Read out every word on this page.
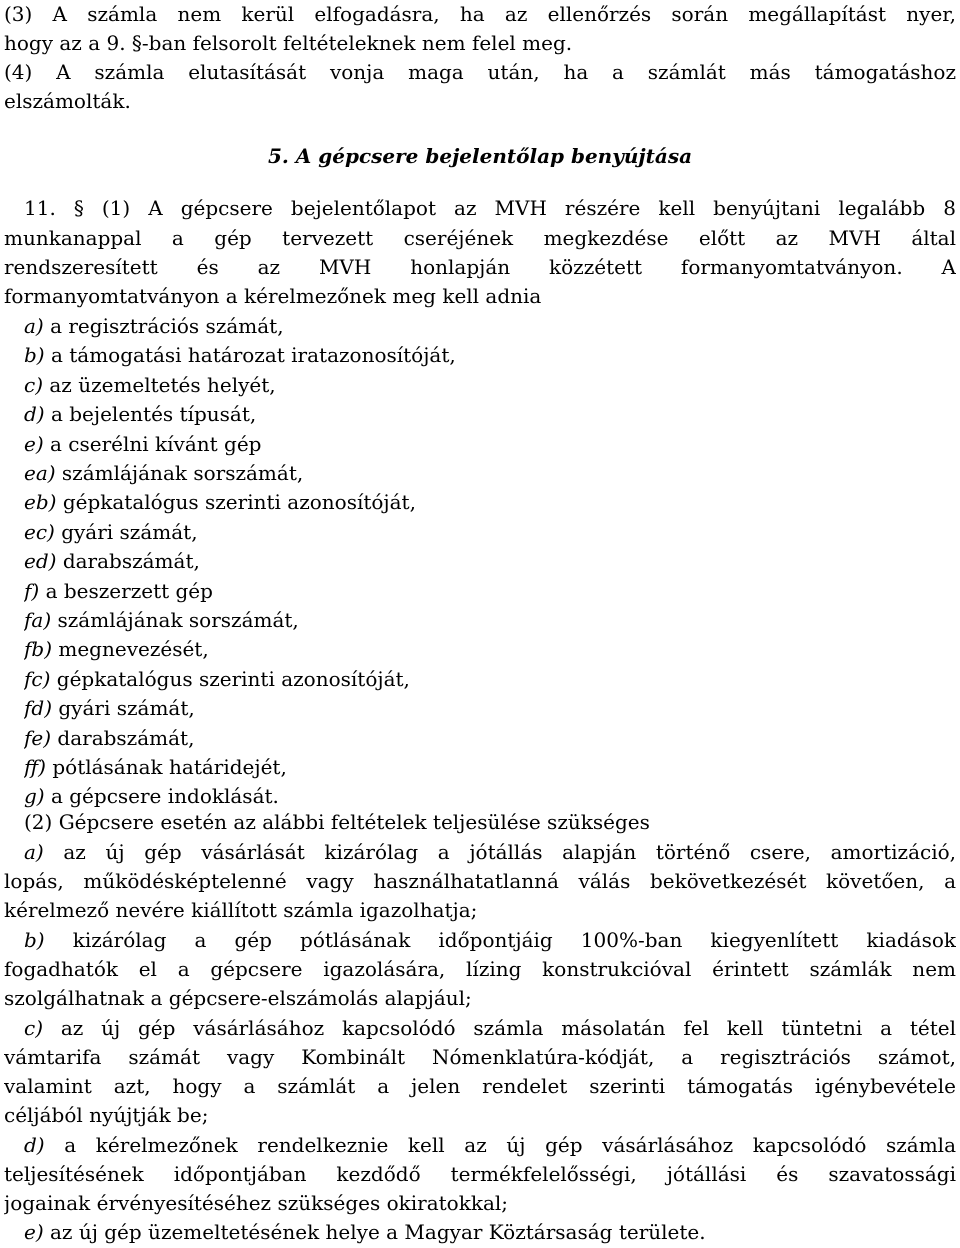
(3) A számla nem kerül elfogadásra, ha az ellenőrzés során megállapítást nyer,
hogy az a 9. §-ban felsorolt feltételeknek nem felel meg.
(4) A számla elutasítását vonja maga után, ha a számlát más támogatáshoz
elszámolták.
5. A gépcsere bejelentőlap benyújtása
11. § (1) A gépcsere bejelentőlapot az MVH részére kell benyújtani legalább 8
munkanappal a gép tervezett cseréjének megkezdése előtt az MVH által
rendszeresített és az MVH honlapján közzétett formanyomtatványon. A
formanyomtatványon a kérelmezőnek meg kell adnia
a) a regisztrációs számát,
b) a támogatási határozat iratazonosítóját,
c) az üzemeltetés helyét,
d) a bejelentés típusát,
e) a cserélni kívánt gép
ea) számlájának sorszámát,
eb) gépkatalógus szerinti azonosítóját,
ec) gyári számát,
ed) darabszámát,
f) a beszerzett gép
fa) számlájának sorszámát,
fb) megnevezését,
fc) gépkatalógus szerinti azonosítóját,
fd) gyári számát,
fe) darabszámát,
ff) pótlásának határidejét,
g) a gépcsere indoklását.
(2) Gépcsere esetén az alábbi feltételek teljesülése szükséges
a) az új gép vásárlását kizárólag a jótállás alapján történő csere, amortizáció,
lopás, működésképtelenné vagy használhatatlanná válás bekövetkezését követően, a
kérelmező nevére kiállított számla igazolhatja;
b) kizárólag a gép pótlásának időpontjáig 100%-ban kiegyenlített kiadások
fogadhatók el a gépcsere igazolására, lízing konstrukcióval érintett számlák nem
szolgálhatnak a gépcsere-elszámolás alapjául;
c) az új gép vásárlásához kapcsolódó számla másolatán fel kell tüntetni a tétel
vámtarifa számát vagy Kombinált Nómenklatúra-kódját, a regisztrációs számot,
valamint azt, hogy a számlát a jelen rendelet szerinti támogatás igénybevétele
céljából nyújtják be;
d) a kérelmezőnek rendelkeznie kell az új gép vásárlásához kapcsolódó számla
teljesítésének időpontjában kezdődő termékfelelősségi, jótállási és szavatossági
jogainak érvényesítéséhez szükséges okiratokkal;
e) az új gép üzemeltetésének helye a Magyar Köztársaság területe.
